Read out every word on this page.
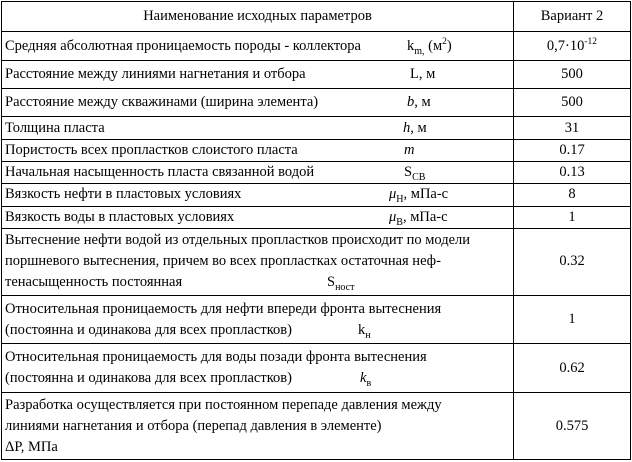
Наименование исходных параметров	Вариант 2

Средняя абсолютная проницаемость породы - коллектора $k_{m,}$ $(м^2)$	$0,7\cdot 10^{-12}$

Расстояние между линиями нагнетания и отбора L, м	500

Расстояние между скважинами (ширина элемента) b, м	500

Толщина пласта h, м	31

Пористость всех пропластков слоистого пласта m	0.17

Начальная насыщенность пласта связанной водой $S_{CB}$	0.13

Вязкость нефти в пластовых условиях $\mu_Н$, мПа-с	8

Вязкость воды в пластовых условиях $\mu_В$, мПа-с	1

Вытеснение нефти водой из отдельных пропластков происходит по модели
поршневого вытеснения, причем во всех пропластках остаточная неф-
тенасыщенность постоянная $S_{ност}$	0.32

Относительная проницаемость для нефти впереди фронта вытеснения
(постоянна и одинакова для всех пропластков) $k_н$	1

Относительная проницаемость для воды позади фронта вытеснения
(постоянна и одинакова для всех пропластков) $k_в$	0.62

Разработка осуществляется при постоянном перепаде давления между
линиями нагнетания и отбора (перепад давления в элементе)
ΔP, МПа	0.575
